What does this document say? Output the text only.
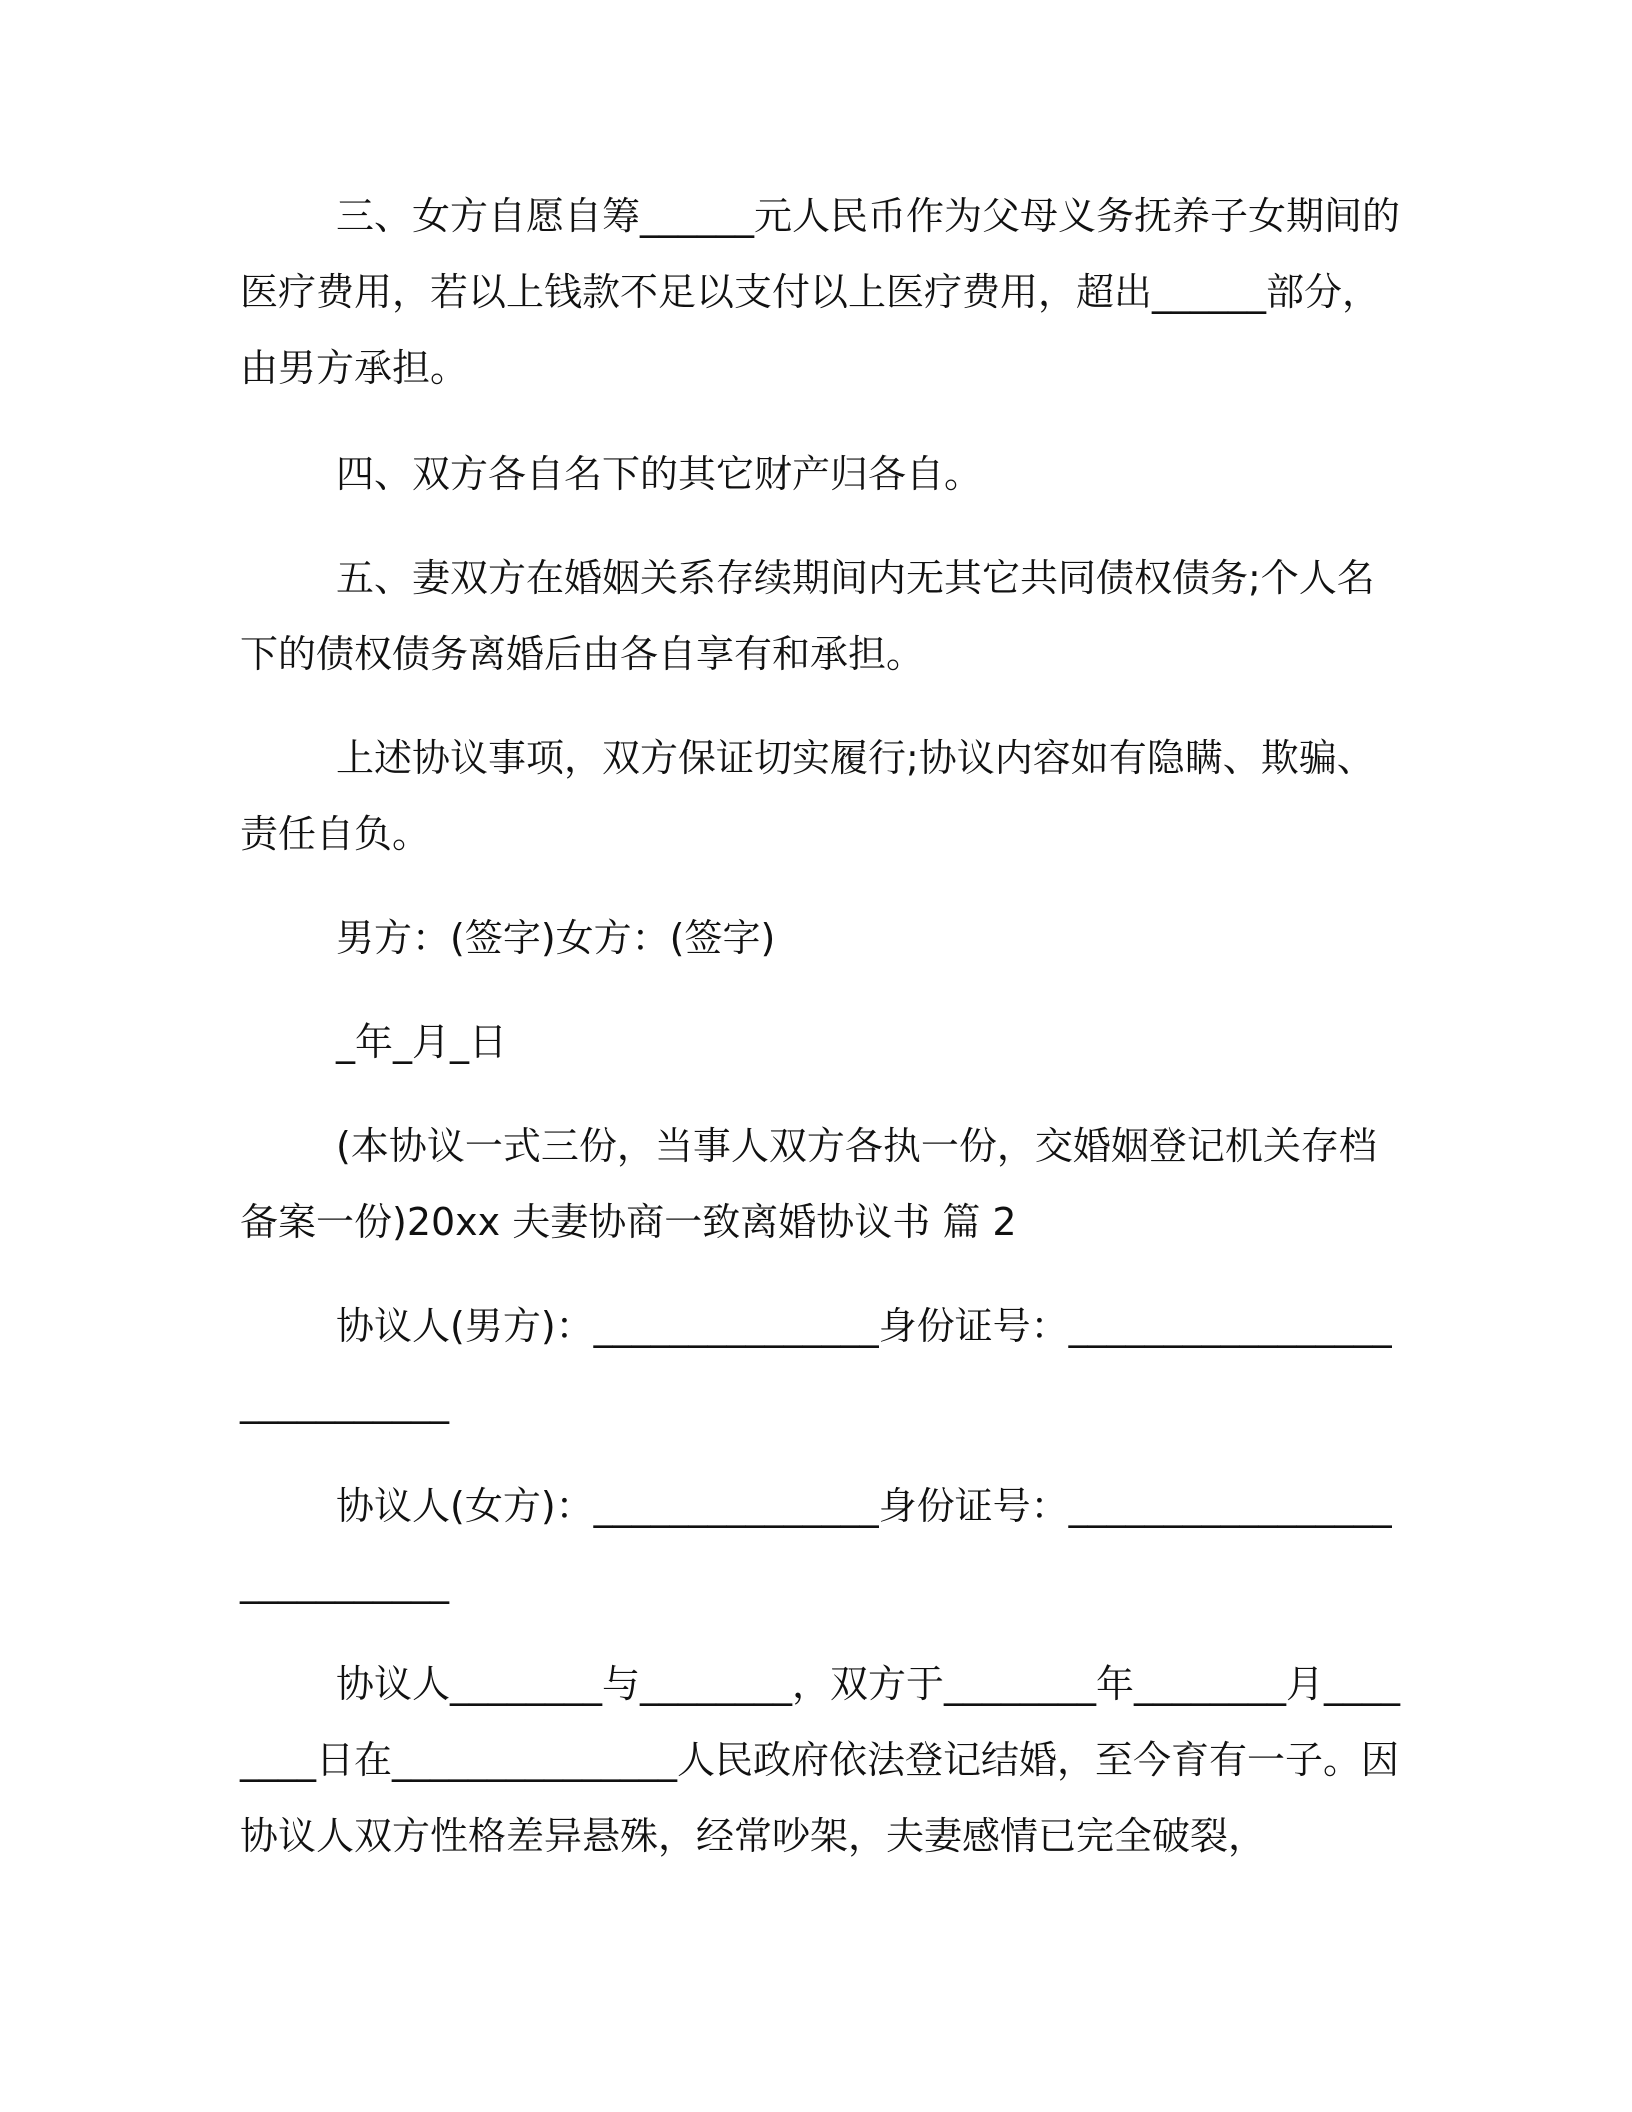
三、女方自愿自筹______元人民币作为父母义务抚养子女期间的医疗费用，若以上钱款不足以支付以上医疗费用，超出______部分，由男方承担。

四、双方各自名下的其它财产归各自。

五、妻双方在婚姻关系存续期间内无其它共同债权债务;个人名下的债权债务离婚后由各自享有和承担。

上述协议事项，双方保证切实履行;协议内容如有隐瞒、欺骗、责任自负。

男方：(签字)女方：(签字)

_年_月_日

(本协议一式三份，当事人双方各执一份，交婚姻登记机关存档备案一份)20xx 夫妻协商一致离婚协议书 篇 2

协议人(男方)：_______________身份证号：____________________________

协议人(女方)：_______________身份证号：____________________________

协议人________与________，双方于________年________月________日在_______________人民政府依法登记结婚，至今育有一子。因协议人双方性格差异悬殊，经常吵架，夫妻感情已完全破裂，
